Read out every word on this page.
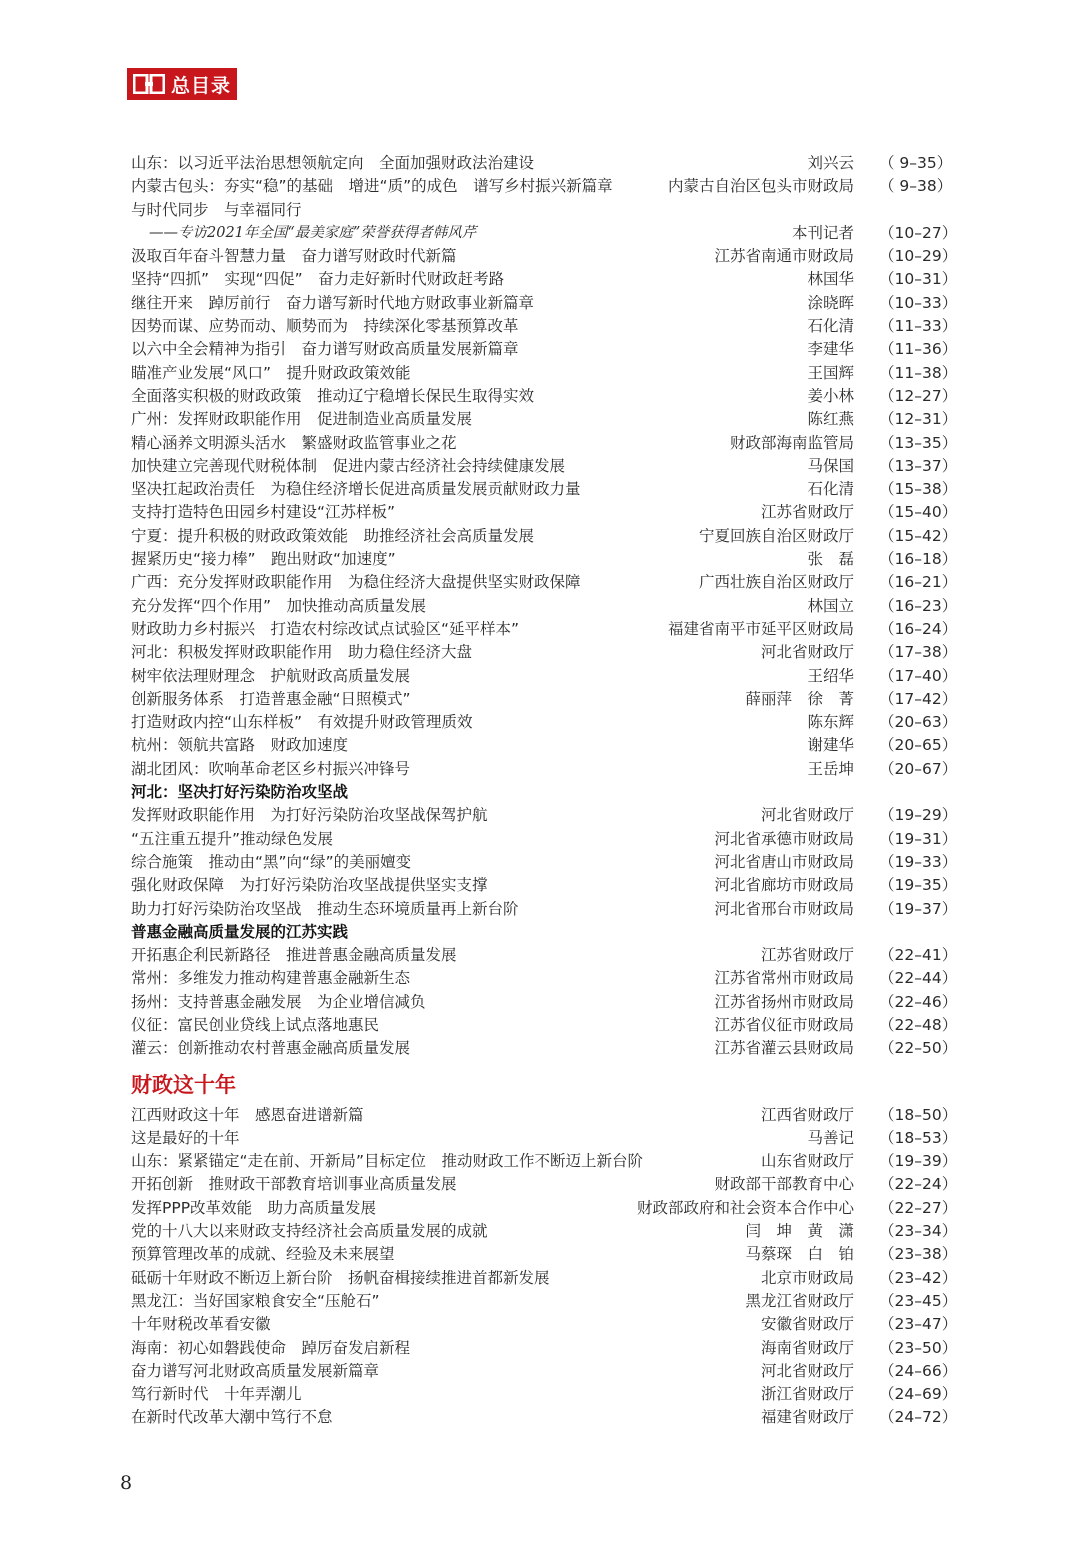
总目录
山东：以习近平法治思想领航定向　全面加强财政法治建设	刘兴云 （ 9–35）
内蒙古包头：夯实“稳”的基础　增进“质”的成色　谱写乡村振兴新篇章	内蒙古自治区包头市财政局 （ 9–38）
与时代同步　与幸福同行
——专访2021年全国“最美家庭”荣誉获得者韩风芹	本刊记者 （10–27）
汲取百年奋斗智慧力量　奋力谱写财政时代新篇	江苏省南通市财政局 （10–29）
坚持“四抓”　实现“四促”　奋力走好新时代财政赶考路	林国华 （10–31）
继往开来　踔厉前行　奋力谱写新时代地方财政事业新篇章	涂晓晖 （10–33）
因势而谋、应势而动、顺势而为　持续深化零基预算改革	石化清 （11–33）
以六中全会精神为指引　奋力谱写财政高质量发展新篇章	李建华 （11–36）
瞄准产业发展“风口”　提升财政政策效能	王国辉 （11–38）
全面落实积极的财政政策　推动辽宁稳增长保民生取得实效	姜小林 （12–27）
广州：发挥财政职能作用　促进制造业高质量发展	陈红燕 （12–31）
精心涵养文明源头活水　繁盛财政监管事业之花	财政部海南监管局 （13–35）
加快建立完善现代财税体制　促进内蒙古经济社会持续健康发展	马保国 （13–37）
坚决扛起政治责任　为稳住经济增长促进高质量发展贡献财政力量	石化清 （15–38）
支持打造特色田园乡村建设“江苏样板”	江苏省财政厅 （15–40）
宁夏：提升积极的财政政策效能　助推经济社会高质量发展	宁夏回族自治区财政厅 （15–42）
握紧历史“接力棒”　跑出财政“加速度”	张　磊 （16–18）
广西：充分发挥财政职能作用　为稳住经济大盘提供坚实财政保障	广西壮族自治区财政厅 （16–21）
充分发挥“四个作用”　加快推动高质量发展	林国立 （16–23）
财政助力乡村振兴　打造农村综改试点试验区“延平样本”	福建省南平市延平区财政局 （16–24）
河北：积极发挥财政职能作用　助力稳住经济大盘	河北省财政厅 （17–38）
树牢依法理财理念　护航财政高质量发展	王绍华 （17–40）
创新服务体系　打造普惠金融“日照模式”	薛丽萍　徐　菁 （17–42）
打造财政内控“山东样板”　有效提升财政管理质效	陈东辉 （20–63）
杭州：领航共富路　财政加速度	谢建华 （20–65）
湖北团风：吹响革命老区乡村振兴冲锋号	王岳坤 （20–67）
河北：坚决打好污染防治攻坚战
发挥财政职能作用　为打好污染防治攻坚战保驾护航	河北省财政厅 （19–29）
“五注重五提升”推动绿色发展	河北省承德市财政局 （19–31）
综合施策　推动由“黑”向“绿”的美丽嬗变	河北省唐山市财政局 （19–33）
强化财政保障　为打好污染防治攻坚战提供坚实支撑	河北省廊坊市财政局 （19–35）
助力打好污染防治攻坚战　推动生态环境质量再上新台阶	河北省邢台市财政局 （19–37）
普惠金融高质量发展的江苏实践
开拓惠企利民新路径　推进普惠金融高质量发展	江苏省财政厅 （22–41）
常州：多维发力推动构建普惠金融新生态	江苏省常州市财政局 （22–44）
扬州：支持普惠金融发展　为企业增信减负	江苏省扬州市财政局 （22–46）
仪征：富民创业贷线上试点落地惠民	江苏省仪征市财政局 （22–48）
灌云：创新推动农村普惠金融高质量发展	江苏省灌云县财政局 （22–50）
财政这十年
江西财政这十年　感恩奋进谱新篇	江西省财政厅 （18–50）
这是最好的十年	马善记 （18–53）
山东：紧紧锚定“走在前、开新局”目标定位　推动财政工作不断迈上新台阶	山东省财政厅 （19–39）
开拓创新　推财政干部教育培训事业高质量发展	财政部干部教育中心 （22–24）
发挥PPP改革效能　助力高质量发展	财政部政府和社会资本合作中心 （22–27）
党的十八大以来财政支持经济社会高质量发展的成就	闫　坤　黄　潇 （23–34）
预算管理改革的成就、经验及未来展望	马蔡琛　白　铂 （23–38）
砥砺十年财政不断迈上新台阶　扬帆奋楫接续推进首都新发展	北京市财政局 （23–42）
黑龙江：当好国家粮食安全“压舱石”	黑龙江省财政厅 （23–45）
十年财税改革看安徽	安徽省财政厅 （23–47）
海南：初心如磐践使命　踔厉奋发启新程	海南省财政厅 （23–50）
奋力谱写河北财政高质量发展新篇章	河北省财政厅 （24–66）
笃行新时代　十年弄潮儿	浙江省财政厅 （24–69）
在新时代改革大潮中笃行不怠	福建省财政厅 （24–72）
8
